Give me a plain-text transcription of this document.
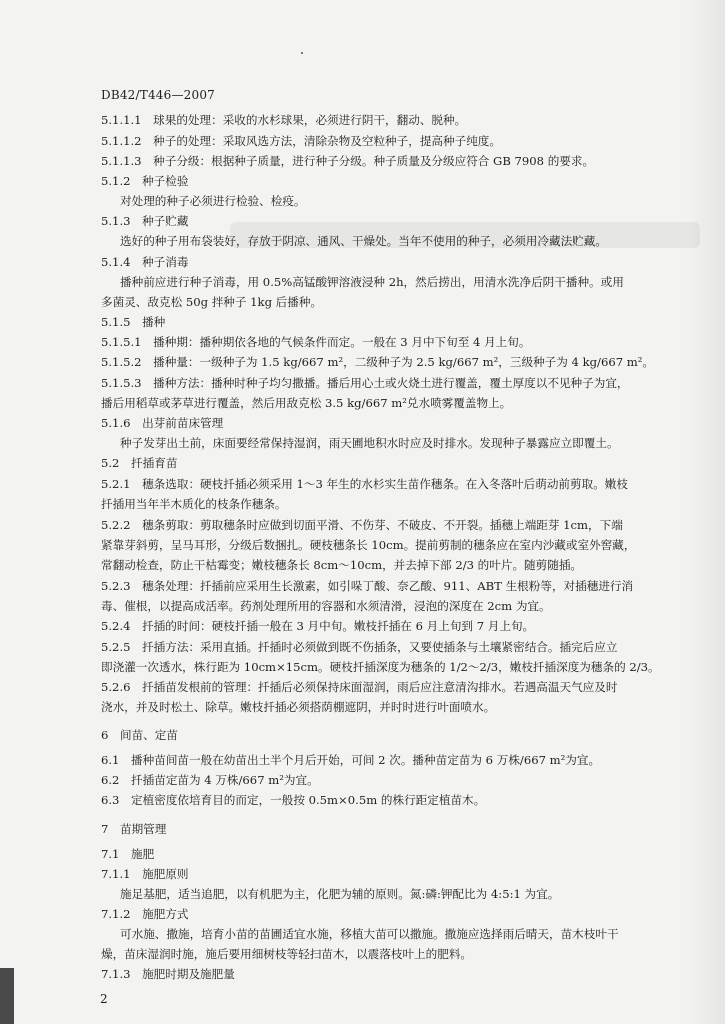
DB42/T446—2007
5.1.1.1　球果的处理：采收的水杉球果，必须进行阴干，翻动、脱种。
5.1.1.2　种子的处理：采取风选方法，清除杂物及空粒种子，提高种子纯度。
5.1.1.3　种子分级：根据种子质量，进行种子分级。种子质量及分级应符合 GB 7908 的要求。
5.1.2　种子检验
对处理的种子必须进行检验、检疫。
5.1.3　种子贮藏
选好的种子用布袋装好，存放于阴凉、通风、干燥处。当年不使用的种子，必须用冷藏法贮藏。
5.1.4　种子消毒
播种前应进行种子消毒，用 0.5%高锰酸钾溶液浸种 2h，然后捞出，用清水洗净后阴干播种。或用
多菌灵、敌克松 50g 拌种子 1kg 后播种。
5.1.5　播种
5.1.5.1　播种期：播种期依各地的气候条件而定。一般在 3 月中下旬至 4 月上旬。
5.1.5.2　播种量：一级种子为 1.5 kg/667 m²，二级种子为 2.5 kg/667 m²，三级种子为 4 kg/667 m²。
5.1.5.3　播种方法：播种时种子均匀撒播。播后用心土或火烧土进行覆盖，覆土厚度以不见种子为宜，
播后用稻草或茅草进行覆盖，然后用敌克松 3.5 kg/667 m²兑水喷雾覆盖物上。
5.1.6　出芽前苗床管理
种子发芽出土前，床面要经常保持湿润，雨天圃地积水时应及时排水。发现种子暴露应立即覆土。
5.2　扦插育苗
5.2.1　穗条选取：硬枝扦插必须采用 1～3 年生的水杉实生苗作穗条。在入冬落叶后萌动前剪取。嫩枝
扦插用当年半木质化的枝条作穗条。
5.2.2　穗条剪取：剪取穗条时应做到切面平滑、不伤芽、不破皮、不开裂。插穗上端距芽 1cm，下端
紧靠芽斜剪，呈马耳形，分级后数捆扎。硬枝穗条长 10cm。提前剪制的穗条应在室内沙藏或室外窖藏，
常翻动检查，防止干枯霉变；嫩枝穗条长 8cm～10cm，并去掉下部 2/3 的叶片。随剪随插。
5.2.3　穗条处理：扦插前应采用生长激素，如引哚丁酸、奈乙酸、911、ABT 生根粉等，对插穗进行消
毒、催根，以提高成活率。药剂处理所用的容器和水须清滑，浸泡的深度在 2cm 为宜。
5.2.4　扦插的时间：硬枝扦插一般在 3 月中旬。嫩枝扦插在 6 月上旬到 7 月上旬。
5.2.5　扦插方法：采用直插。扦插时必须做到既不伤插条，又要使插条与土壤紧密结合。插完后应立
即浇灌一次透水，株行距为 10cm×15cm。硬枝扦插深度为穗条的 1/2～2/3，嫩枝扦插深度为穗条的 2/3。
5.2.6　扦插苗发根前的管理：扦插后必须保持床面湿润，雨后应注意清沟排水。若遇高温天气应及时
浇水，并及时松土、除草。嫩枝扦插必须搭荫棚遮阴，并时时进行叶面喷水。
6　间苗、定苗
6.1　播种苗间苗一般在幼苗出土半个月后开始，可间 2 次。播种苗定苗为 6 万株/667 m²为宜。
6.2　扦插苗定苗为 4 万株/667 m²为宜。
6.3　定植密度依培育目的而定，一般按 0.5m×0.5m 的株行距定植苗木。
7　苗期管理
7.1　施肥
7.1.1　施肥原则
施足基肥，适当追肥，以有机肥为主，化肥为辅的原则。氮:磷:钾配比为 4:5:1 为宜。
7.1.2　施肥方式
可水施、撒施，培育小苗的苗圃适宜水施，移植大苗可以撒施。撒施应选择雨后晴天，苗木枝叶干
燥，苗床湿润时施，施后要用细树枝等轻扫苗木，以震落枝叶上的肥料。
7.1.3　施肥时期及施肥量
2
